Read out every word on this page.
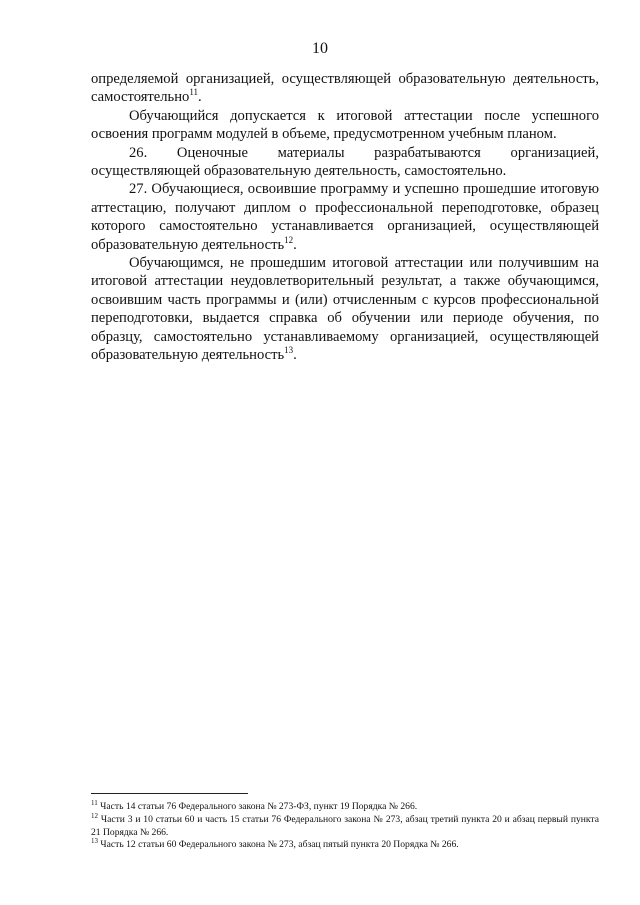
10

определяемой организацией, осуществляющей образовательную деятельность, самостоятельно$^{11}$.

Обучающийся допускается к итоговой аттестации после успешного освоения программ модулей в объеме, предусмотренном учебным планом.

26. Оценочные материалы разрабатываются организацией, осуществляющей образовательную деятельность, самостоятельно.

27. Обучающиеся, освоившие программу и успешно прошедшие итоговую аттестацию, получают диплом о профессиональной переподготовке, образец которого самостоятельно устанавливается организацией, осуществляющей образовательную деятельность$^{12}$.

Обучающимся, не прошедшим итоговой аттестации или получившим на итоговой аттестации неудовлетворительный результат, а также обучающимся, освоившим часть программы и (или) отчисленным с курсов профессиональной переподготовки, выдается справка об обучении или периоде обучения, по образцу, самостоятельно устанавливаемому организацией, осуществляющей образовательную деятельность$^{13}$.

$^{11}$ Часть 14 статьи 76 Федерального закона № 273-ФЗ, пункт 19 Порядка № 266.

$^{12}$ Части 3 и 10 статьи 60 и часть 15 статьи 76 Федерального закона № 273, абзац третий пункта 20 и абзац первый пункта 21 Порядка № 266.

$^{13}$ Часть 12 статьи 60 Федерального закона № 273, абзац пятый пункта 20 Порядка № 266.
